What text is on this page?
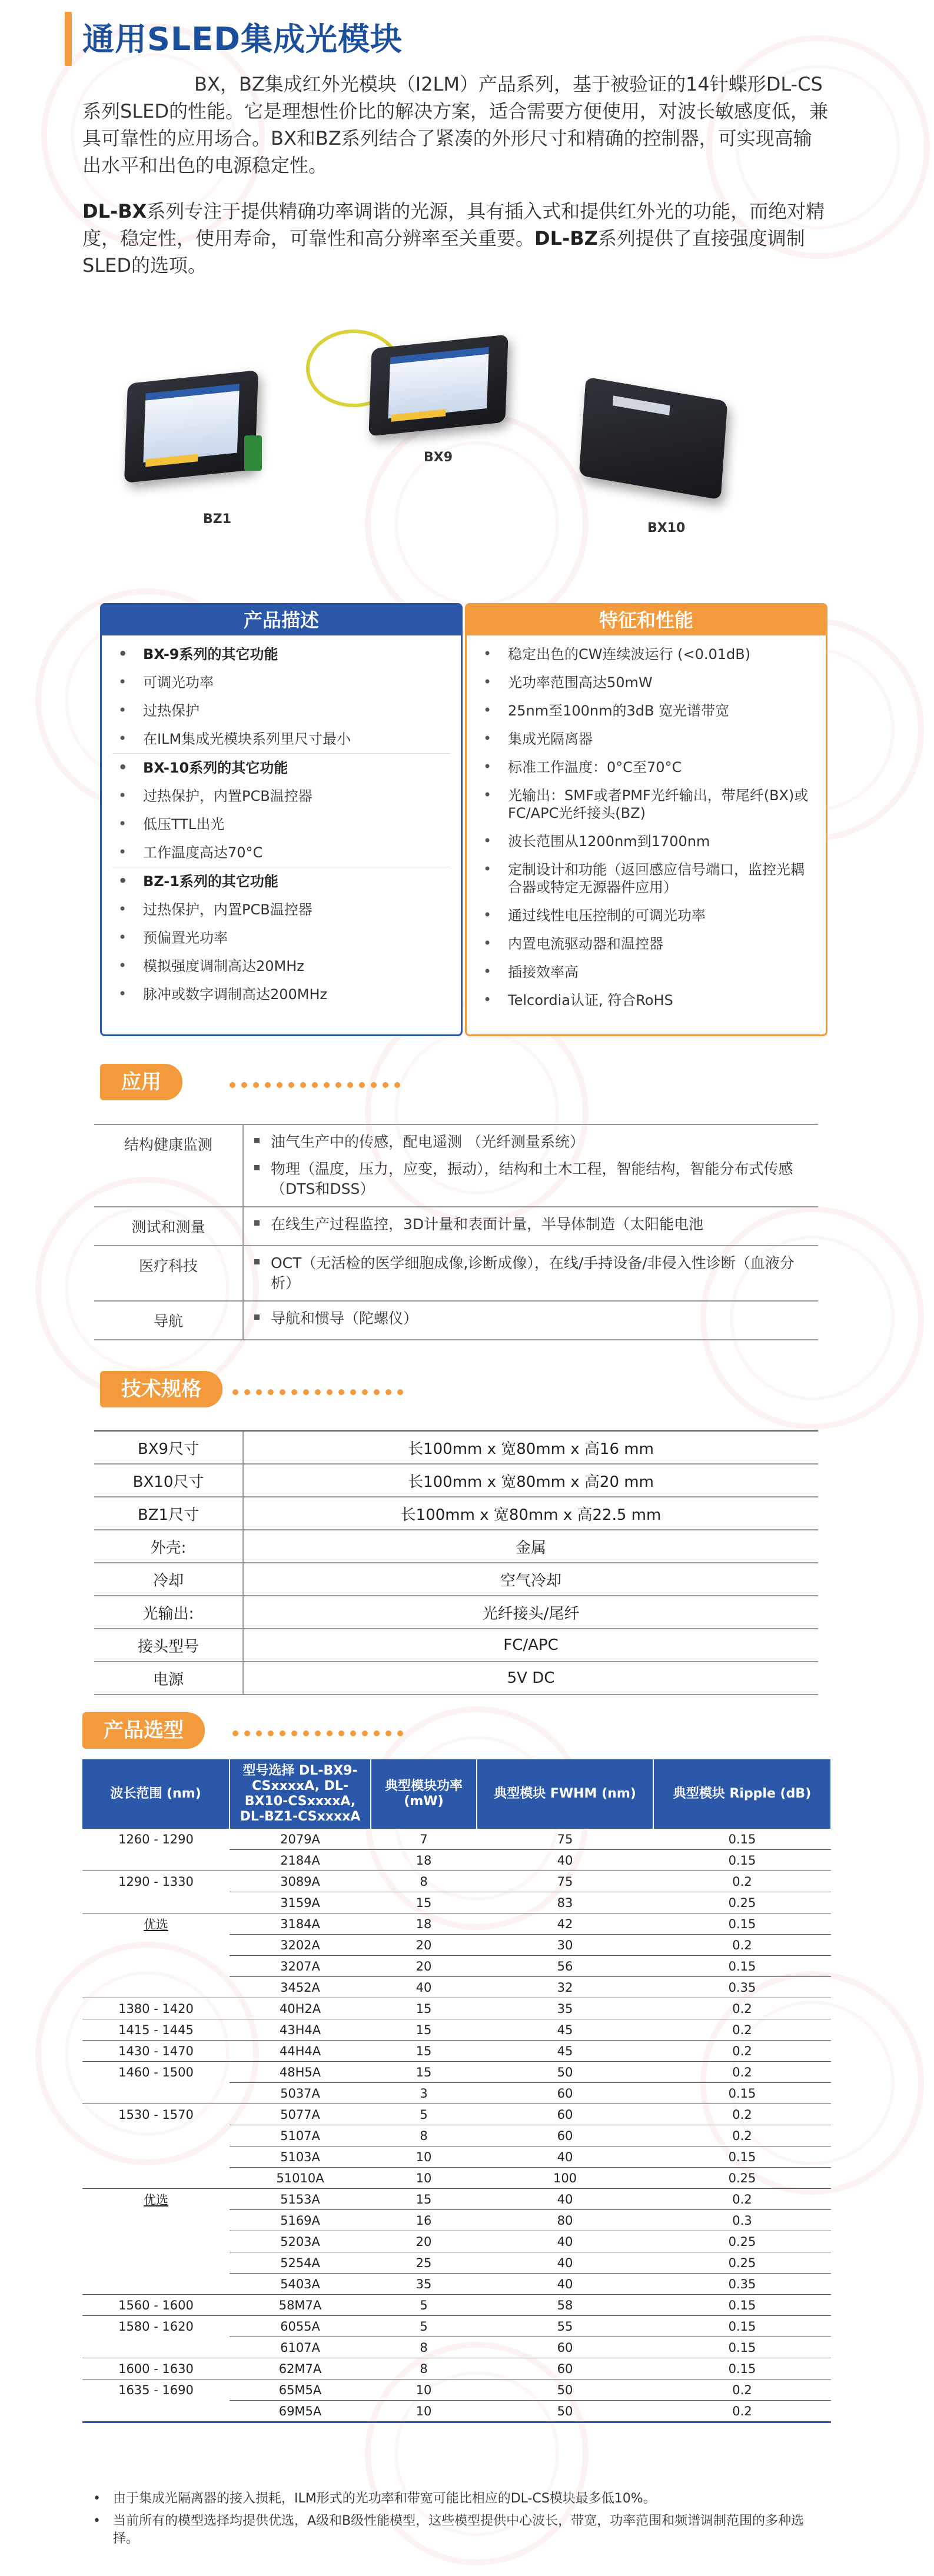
通用SLED集成光模块
BX，BZ集成红外光模块（I2LM）产品系列，基于被验证的14针蝶形DL-CS系列SLED的性能。它是理想性价比的解决方案，适合需要方便使用，对波长敏感度低，兼具可靠性的应用场合。BX和BZ系列结合了紧凑的外形尺寸和精确的控制器，可实现高输出水平和出色的电源稳定性。
DL-BX系列专注于提供精确功率调谐的光源，具有插入式和提供红外光的功能，而绝对精度，稳定性，使用寿命，可靠性和高分辨率至关重要。DL-BZ系列提供了直接强度调制SLED的选项。
BZ1
BX9
BX10
产品描述
• BX-9系列的其它功能
• 可调光功率
• 过热保护
• 在ILM集成光模块系列里尺寸最小
• BX-10系列的其它功能
• 过热保护，内置PCB温控器
• 低压TTL出光
• 工作温度高达70°C
• BZ-1系列的其它功能
• 过热保护，内置PCB温控器
• 预偏置光功率
• 模拟强度调制高达20MHz
• 脉冲或数字调制高达200MHz
特征和性能
• 稳定出色的CW连续波运行 (<0.01dB)
• 光功率范围高达50mW
• 25nm至100nm的3dB 宽光谱带宽
• 集成光隔离器
• 标准工作温度：0°C至70°C
• 光输出：SMF或者PMF光纤输出，带尾纤(BX)或FC/APC光纤接头(BZ)
• 波长范围从1200nm到1700nm
• 定制设计和功能（返回感应信号端口，监控光耦合器或特定无源器件应用）
• 通过线性电压控制的可调光功率
• 内置电流驱动器和温控器
• 插接效率高
• Telcordia认证, 符合RoHS
应用
结构健康监测	油气生产中的传感，配电遥测 （光纤测量系统）
物理（温度，压力，应变，振动），结构和土木工程，智能结构，智能分布式传感（DTS和DSS）

测试和测量	在线生产过程监控，3D计量和表面计量，半导体制造（太阳能电池

医疗科技	OCT（无活检的医学细胞成像,诊断成像），在线/手持设备/非侵入性诊断（血液分析）

导航	导航和惯导（陀螺仪）
技术规格
BX9尺寸	长100mm x 宽80mm x 高16 mm
BX10尺寸	长100mm x 宽80mm x 高20 mm
BZ1尺寸	长100mm x 宽80mm x 高22.5 mm
外壳:	金属
冷却	空气冷却
光输出:	光纤接头/尾纤
接头型号	FC/APC
电源	5V DC
产品选型
波长范围 (nm)	型号选择 DL-BX9-CSxxxxA, DL-BX10-CSxxxxA, DL-BZ1-CSxxxxA	典型模块功率 (mW)	典型模块 FWHM (nm)	典型模块 Ripple (dB)
1260 - 1290	2079A	7	75	0.15
	2184A	18	40	0.15
1290 - 1330	3089A	8	75	0.2
	3159A	15	83	0.25
优选	3184A	18	42	0.15
	3202A	20	30	0.2
	3207A	20	56	0.15
	3452A	40	32	0.35
1380 - 1420	40H2A	15	35	0.2
1415 - 1445	43H4A	15	45	0.2
1430 - 1470	44H4A	15	45	0.2
1460 - 1500	48H5A	15	50	0.2
	5037A	3	60	0.15
1530 - 1570	5077A	5	60	0.2
	5107A	8	60	0.2
	5103A	10	40	0.15
	51010A	10	100	0.25
优选	5153A	15	40	0.2
	5169A	16	80	0.3
	5203A	20	40	0.25
	5254A	25	40	0.25
	5403A	35	40	0.35
1560 - 1600	58M7A	5	58	0.15
1580 - 1620	6055A	5	55	0.15
	6107A	8	60	0.15
1600 - 1630	62M7A	8	60	0.15
1635 - 1690	65M5A	10	50	0.2
	69M5A	10	50	0.2
• 由于集成光隔离器的接入损耗，ILM形式的光功率和带宽可能比相应的DL-CS模块最多低10%。
• 当前所有的模型选择均提供优选，A级和B级性能模型，这些模型提供中心波长，带宽，功率范围和频谱调制范围的多种选择。
